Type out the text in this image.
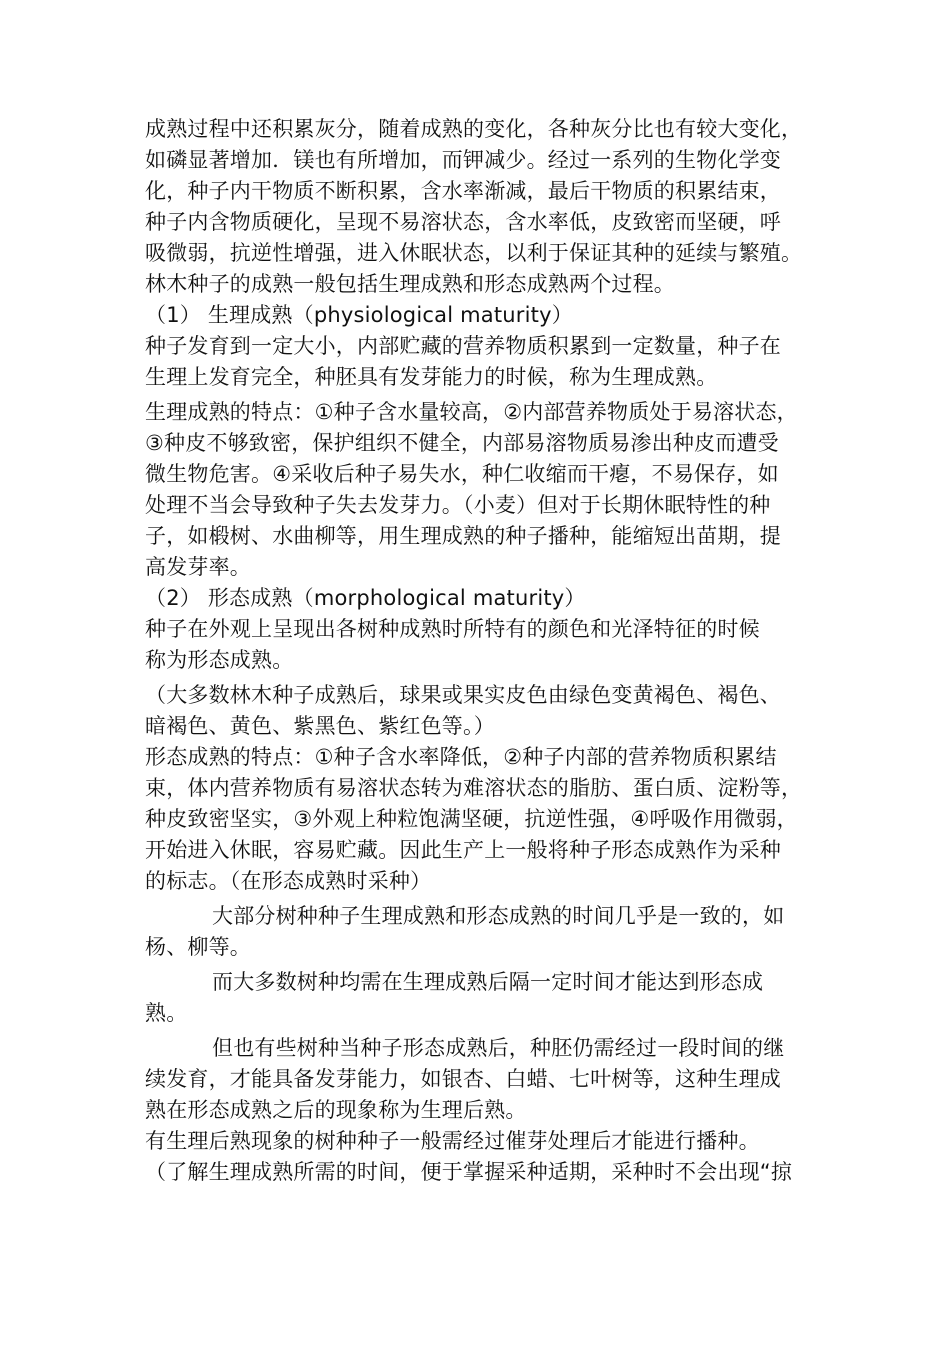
成熟过程中还积累灰分，随着成熟的变化，各种灰分比也有较大变化，
如磷显著增加．镁也有所增加，而钾减少。经过一系列的生物化学变
化，种子内干物质不断积累，含水率渐减，最后干物质的积累结束，
种子内含物质硬化，呈现不易溶状态，含水率低，皮致密而坚硬，呼
吸微弱，抗逆性增强，进入休眠状态，以利于保证其种的延续与繁殖。
林木种子的成熟一般包括生理成熟和形态成熟两个过程。
（1） 生理成熟（physiological maturity）
种子发育到一定大小，内部贮藏的营养物质积累到一定数量，种子在
生理上发育完全，种胚具有发芽能力的时候，称为生理成熟。
生理成熟的特点：①种子含水量较高，②内部营养物质处于易溶状态，
③种皮不够致密，保护组织不健全，内部易溶物质易渗出种皮而遭受
微生物危害。④采收后种子易失水，种仁收缩而干瘪，不易保存，如
处理不当会导致种子失去发芽力。（小麦）但对于长期休眠特性的种
子，如椴树、水曲柳等，用生理成熟的种子播种，能缩短出苗期，提
高发芽率。
（2） 形态成熟（morphological maturity）
种子在外观上呈现出各树种成熟时所特有的颜色和光泽特征的时候
称为形态成熟。
（大多数林木种子成熟后，球果或果实皮色由绿色变黄褐色、褐色、
暗褐色、黄色、紫黑色、紫红色等。）
形态成熟的特点：①种子含水率降低，②种子内部的营养物质积累结
束，体内营养物质有易溶状态转为难溶状态的脂肪、蛋白质、淀粉等，
种皮致密坚实，③外观上种粒饱满坚硬，抗逆性强，④呼吸作用微弱，
开始进入休眠，容易贮藏。因此生产上一般将种子形态成熟作为采种
的标志。（在形态成熟时采种）
大部分树种种子生理成熟和形态成熟的时间几乎是一致的，如
杨、柳等。
而大多数树种均需在生理成熟后隔一定时间才能达到形态成
熟。
但也有些树种当种子形态成熟后，种胚仍需经过一段时间的继
续发育，才能具备发芽能力，如银杏、白蜡、七叶树等，这种生理成
熟在形态成熟之后的现象称为生理后熟。
有生理后熟现象的树种种子一般需经过催芽处理后才能进行播种。
（了解生理成熟所需的时间，便于掌握采种适期，采种时不会出现“掠
